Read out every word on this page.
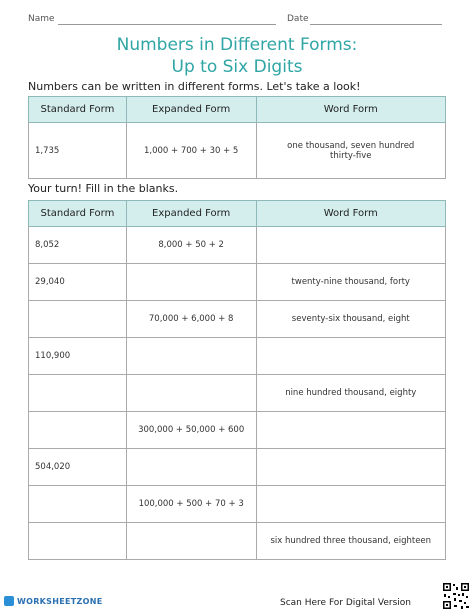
Name	Date
Numbers in Different Forms:
Up to Six Digits
Numbers can be written in different forms. Let's take a look!
Standard Form	Expanded Form	Word Form
1,735	1,000 + 700 + 30 + 5	one thousand, seven hundred
thirty-five
Your turn! Fill in the blanks.
Standard Form	Expanded Form	Word Form
8,052	8,000 + 50 + 2	
29,040		twenty-nine thousand, forty
	70,000 + 6,000 + 8	seventy-six thousand, eight
110,900		
		nine hundred thousand, eighty
	300,000 + 50,000 + 600	
504,020		
	100,000 + 500 + 70 + 3	
		six hundred three thousand, eighteen
WORKSHEETZONE	Scan Here For Digital Version
